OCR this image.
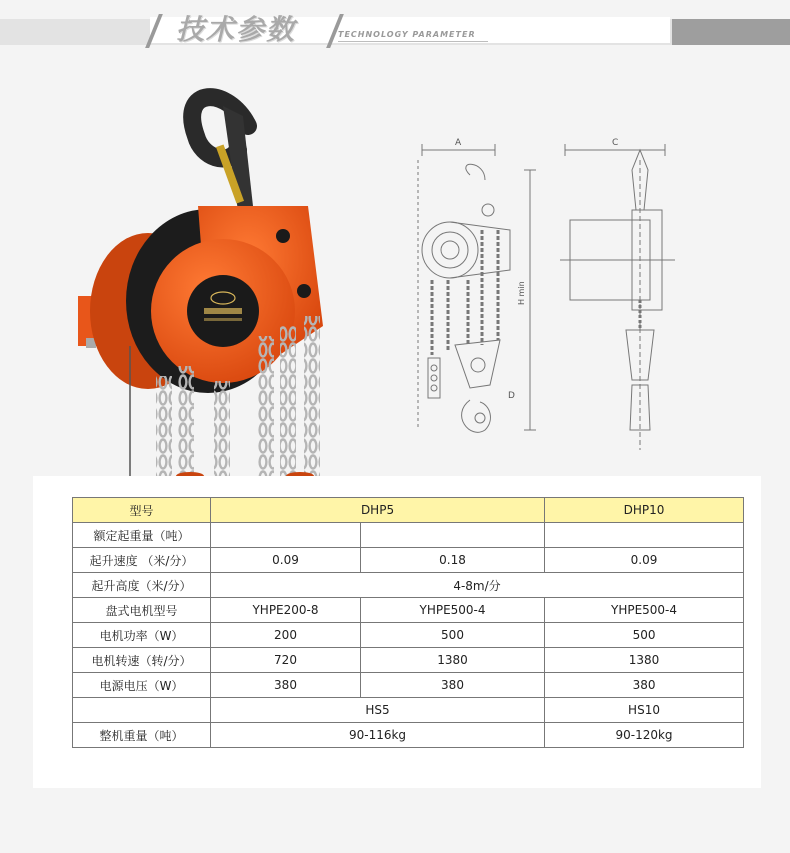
技术参数	TECHNOLOGY PARAMETER
A	C
H min
D
型号	DHP5		DHP10
额定起重量（吨）			
起升速度 （米/分）	0.09	0.18	0.09
起升高度（米/分）	4-8m/分		
盘式电机型号	YHPE200-8	YHPE500-4	YHPE500-4
电机功率（W）	200	500	500
电机转速（转/分）	720	1380	1380
电源电压（W）	380	380	380
	HS5		HS10
整机重量（吨）	90-116kg		90-120kg
